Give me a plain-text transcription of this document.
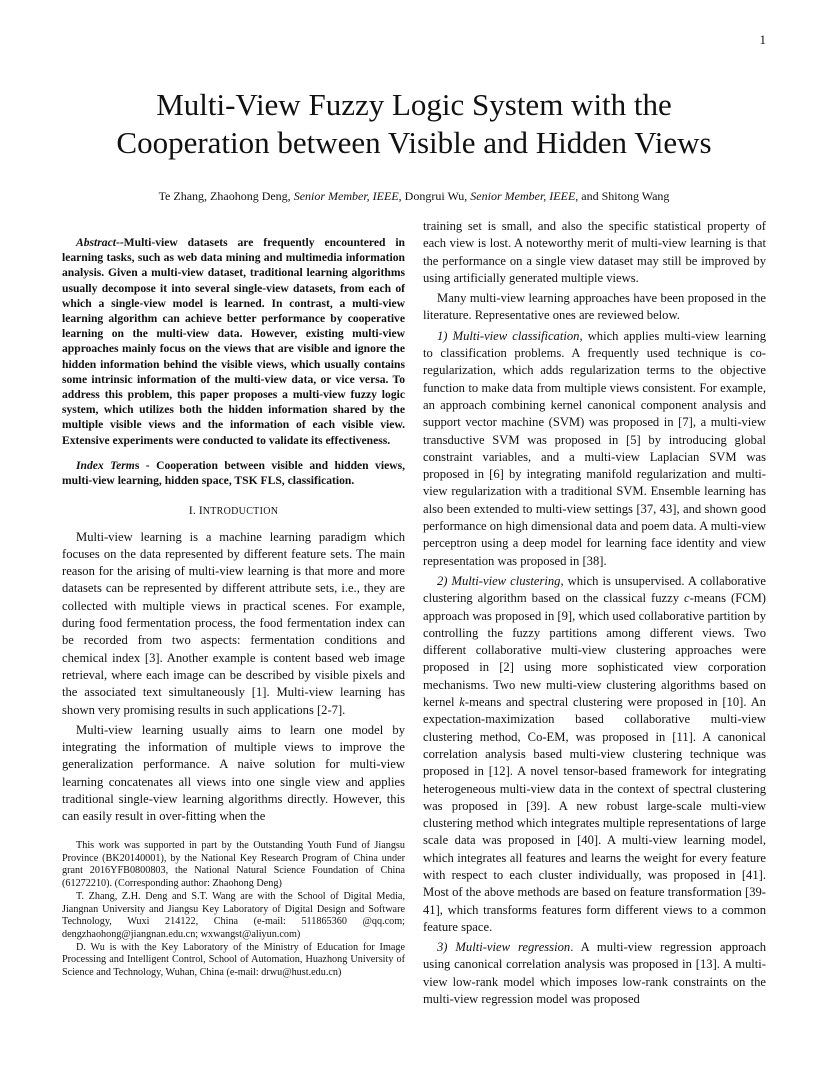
1
Multi-View Fuzzy Logic System with the
Cooperation between Visible and Hidden Views
Te Zhang, Zhaohong Deng, Senior Member, IEEE, Dongrui Wu, Senior Member, IEEE, and Shitong Wang

Abstract--Multi-view datasets are frequently encountered in learning tasks, such as web data mining and multimedia information analysis. Given a multi-view dataset, traditional learning algorithms usually decompose it into several single-view datasets, from each of which a single-view model is learned. In contrast, a multi-view learning algorithm can achieve better performance by cooperative learning on the multi-view data. However, existing multi-view approaches mainly focus on the views that are visible and ignore the hidden information behind the visible views, which usually contains some intrinsic information of the multi-view data, or vice versa. To address this problem, this paper proposes a multi-view fuzzy logic system, which utilizes both the hidden information shared by the multiple visible views and the information of each visible view. Extensive experiments were conducted to validate its effectiveness.

Index Terms - Cooperation between visible and hidden views, multi-view learning, hidden space, TSK FLS, classification.

I. INTRODUCTION

Multi-view learning is a machine learning paradigm which focuses on the data represented by different feature sets. The main reason for the arising of multi-view learning is that more and more datasets can be represented by different attribute sets, i.e., they are collected with multiple views in practical scenes. For example, during food fermentation process, the food fermentation index can be recorded from two aspects: fermentation conditions and chemical index [3]. Another example is content based web image retrieval, where each image can be described by visible pixels and the associated text simultaneously [1]. Multi-view learning has shown very promising results in such applications [2-7].

Multi-view learning usually aims to learn one model by integrating the information of multiple views to improve the generalization performance. A naive solution for multi-view learning concatenates all views into one single view and applies traditional single-view learning algorithms directly. However, this can easily result in over-fitting when the

This work was supported in part by the Outstanding Youth Fund of Jiangsu Province (BK20140001), by the National Key Research Program of China under grant 2016YFB0800803, the National Natural Science Foundation of China (61272210). (Corresponding author: Zhaohong Deng)

T. Zhang, Z.H. Deng and S.T. Wang are with the School of Digital Media, Jiangnan University and Jiangsu Key Laboratory of Digital Design and Software Technology, Wuxi 214122, China (e-mail: 511865360 @qq.com; dengzhaohong@jiangnan.edu.cn; wxwangst@aliyun.com)

D. Wu is with the Key Laboratory of the Ministry of Education for Image Processing and Intelligent Control, School of Automation, Huazhong University of Science and Technology, Wuhan, China (e-mail: drwu@hust.edu.cn)

training set is small, and also the specific statistical property of each view is lost. A noteworthy merit of multi-view learning is that the performance on a single view dataset may still be improved by using artificially generated multiple views.

Many multi-view learning approaches have been proposed in the literature. Representative ones are reviewed below.

1) Multi-view classification, which applies multi-view learning to classification problems. A frequently used technique is co-regularization, which adds regularization terms to the objective function to make data from multiple views consistent. For example, an approach combining kernel canonical component analysis and support vector machine (SVM) was proposed in [7], a multi-view transductive SVM was proposed in [5] by introducing global constraint variables, and a multi-view Laplacian SVM was proposed in [6] by integrating manifold regularization and multi-view regularization with a traditional SVM. Ensemble learning has also been extended to multi-view settings [37, 43], and shown good performance on high dimensional data and poem data. A multi-view perceptron using a deep model for learning face identity and view representation was proposed in [38].

2) Multi-view clustering, which is unsupervised. A collaborative clustering algorithm based on the classical fuzzy c-means (FCM) approach was proposed in [9], which used collaborative partition by controlling the fuzzy partitions among different views. Two different collaborative multi-view clustering approaches were proposed in [2] using more sophisticated view corporation mechanisms. Two new multi-view clustering algorithms based on kernel k-means and spectral clustering were proposed in [10]. An expectation-maximization based collaborative multi-view clustering method, Co-EM, was proposed in [11]. A canonical correlation analysis based multi-view clustering technique was proposed in [12]. A novel tensor-based framework for integrating heterogeneous multi-view data in the context of spectral clustering was proposed in [39]. A new robust large-scale multi-view clustering method which integrates multiple representations of large scale data was proposed in [40]. A multi-view learning model, which integrates all features and learns the weight for every feature with respect to each cluster individually, was proposed in [41]. Most of the above methods are based on feature transformation [39-41], which transforms features form different views to a common feature space.

3) Multi-view regression. A multi-view regression approach using canonical correlation analysis was proposed in [13]. A multi-view low-rank model which imposes low-rank constraints on the multi-view regression model was proposed
